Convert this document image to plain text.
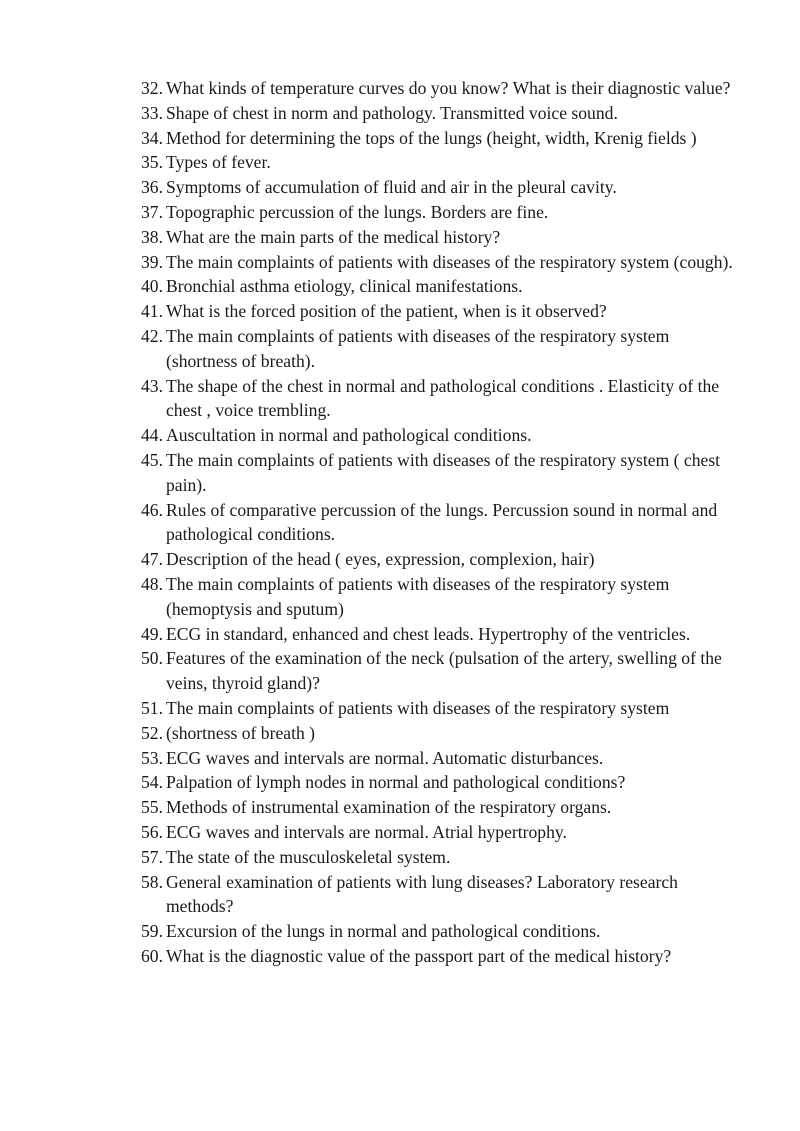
32. What kinds of temperature curves do you know? What is their diagnostic value?
33. Shape of chest in norm and pathology. Transmitted voice sound.
34. Method for determining the tops of the lungs (height, width, Krenig fields )
35. Types of fever.
36. Symptoms of accumulation of fluid and air in the pleural cavity.
37. Topographic percussion of the lungs. Borders are fine.
38. What are the main parts of the medical history?
39. The main complaints of patients with diseases of the respiratory system (cough).
40. Bronchial asthma etiology, clinical manifestations.
41. What is the forced position of the patient, when is it observed?
42. The main complaints of patients with diseases of the respiratory system (shortness of breath).
43. The shape of the chest in normal and pathological conditions . Elasticity of the chest , voice trembling.
44. Auscultation in normal and pathological conditions.
45. The main complaints of patients with diseases of the respiratory system ( chest pain).
46. Rules of comparative percussion of the lungs. Percussion sound in normal and pathological conditions.
47. Description of the head ( eyes, expression, complexion, hair)
48. The main complaints of patients with diseases of the respiratory system (hemoptysis and sputum)
49. ECG in standard, enhanced and chest leads. Hypertrophy of the ventricles.
50. Features of the examination of the neck (pulsation of the artery, swelling of the veins, thyroid gland)?
51. The main complaints of patients with diseases of the respiratory system
52. (shortness of breath )
53. ECG waves and intervals are normal. Automatic disturbances.
54. Palpation of lymph nodes in normal and pathological conditions?
55. Methods of instrumental examination of the respiratory organs.
56. ECG waves and intervals are normal. Atrial hypertrophy.
57. The state of the musculoskeletal system.
58. General examination of patients with lung diseases? Laboratory research methods?
59. Excursion of the lungs in normal and pathological conditions.
60. What is the diagnostic value of the passport part of the medical history?
